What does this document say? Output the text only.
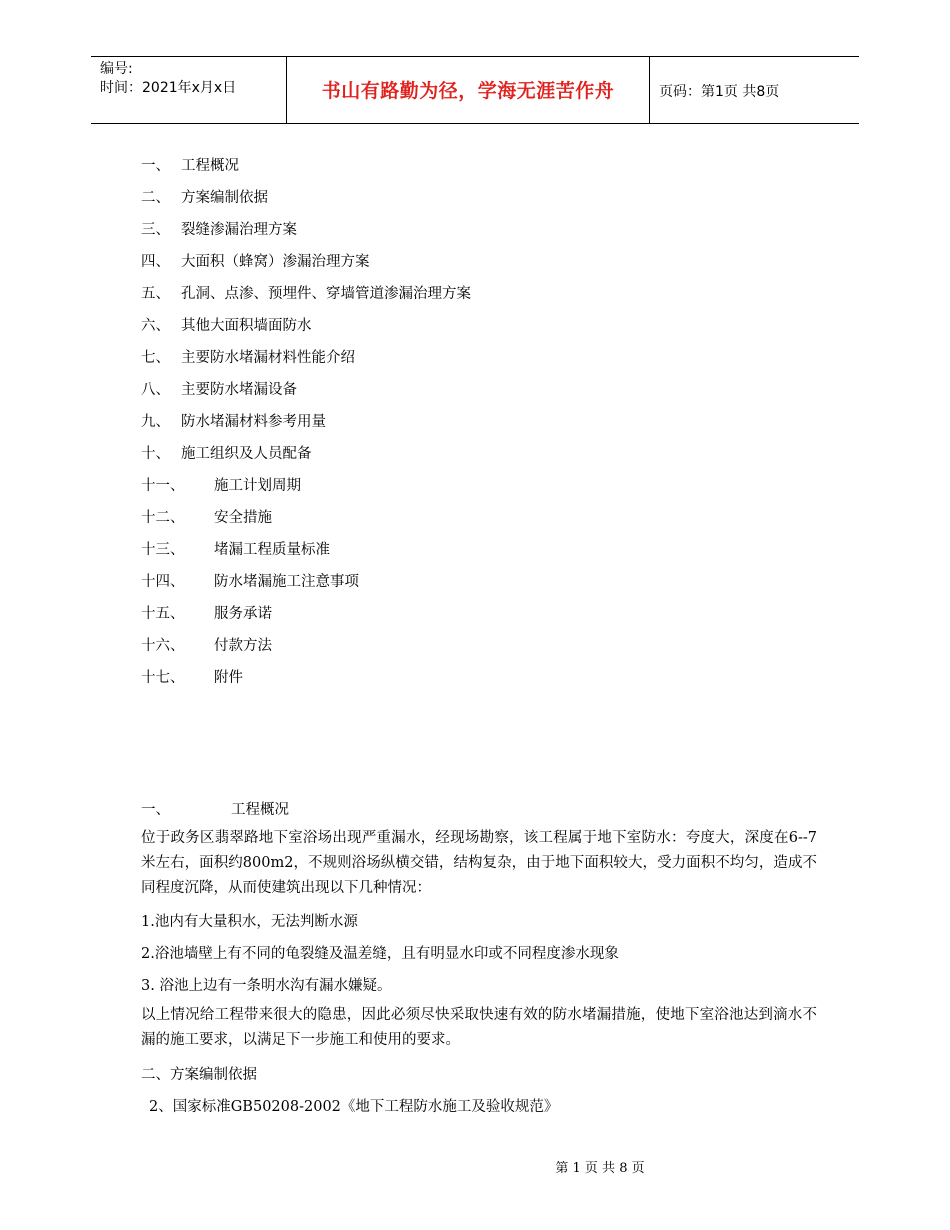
编号:
时间：2021年x月x日	书山有路勤为径，学海无涯苦作舟	页码：第1页 共8页
一、 工程概况
二、 方案编制依据
三、 裂缝渗漏治理方案
四、 大面积（蜂窝）渗漏治理方案
五、 孔洞、点渗、预埋件、穿墙管道渗漏治理方案
六、 其他大面积墙面防水
七、 主要防水堵漏材料性能介绍
八、 主要防水堵漏设备
九、 防水堵漏材料参考用量
十、 施工组织及人员配备
十一、 施工计划周期
十二、 安全措施
十三、 堵漏工程质量标准
十四、 防水堵漏施工注意事项
十五、 服务承诺
十六、 付款方法
十七、 附件
一、	工程概况
位于政务区翡翠路地下室浴场出现严重漏水，经现场勘察，该工程属于地下室防水：夸度大，深度在6--7米左右，面积约800m2，不规则浴场纵横交错，结构复杂，由于地下面积较大，受力面积不均匀，造成不同程度沉降，从而使建筑出现以下几种情况：
1.池内有大量积水，无法判断水源
2.浴池墙壁上有不同的龟裂缝及温差缝，且有明显水印或不同程度渗水现象
3. 浴池上边有一条明水沟有漏水嫌疑。
以上情况给工程带来很大的隐患，因此必须尽快采取快速有效的防水堵漏措施，使地下室浴池达到滴水不漏的施工要求，以满足下一步施工和使用的要求。
二、方案编制依据
2、国家标准GB50208-2002《地下工程防水施工及验收规范》
第 1 页 共 8 页
